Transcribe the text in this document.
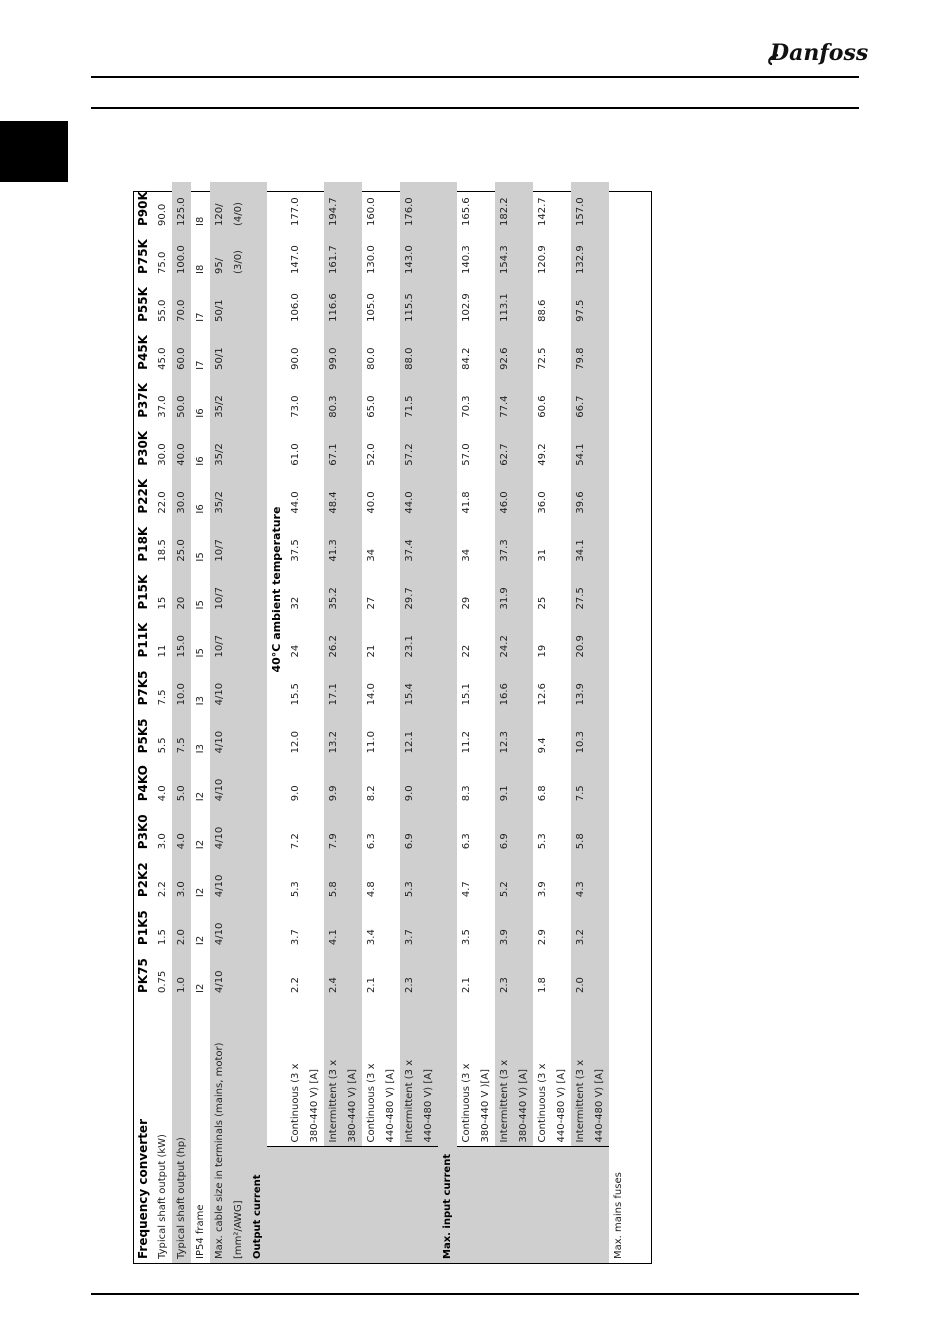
Danfoss
Frequency converter		PK75	P1K5	P2K2	P3K0	P4KO	P5K5	P7K5	P11K	P15K	P18K	P22K	P30K	P37K	P45K	P55K	P75K	P90K
Typical shaft output (kW)		0.75	1.5	2.2	3.0	4.0	5.5	7.5	11	15	18.5	22.0	30.0	37.0	45.0	55.0	75.0	90.0
Typical shaft output (hp)		1.0	2.0	3.0	4.0	5.0	7.5	10.0	15.0	20	25.0	30.0	40.0	50.0	60.0	70.0	100.0	125.0
IP54 frame		I2	I2	I2	I2	I2	I3	I3	I5	I5	I5	I6	I6	I6	I7	I7	I8	I8
Max. cable size in terminals (mains, motor)		4/10	4/10	4/10	4/10	4/10	4/10	4/10	10/7	10/7	10/7	35/2	35/2	35/2	50/1	50/1	95/	120/
[mm²/AWG]																	(3/0)	(4/0)
Output current																		
		40°C ambient temperature																
	Continuous (3 x	2.2	3.7	5.3	7.2	9.0	12.0	15.5	24	32	37.5	44.0	61.0	73.0	90.0	106.0	147.0	177.0
	380-440 V) [A]																	
	Intermittent (3 x	2.4	4.1	5.8	7.9	9.9	13.2	17.1	26.2	35.2	41.3	48.4	67.1	80.3	99.0	116.6	161.7	194.7
	380-440 V) [A]																	
	Continuous (3 x	2.1	3.4	4.8	6.3	8.2	11.0	14.0	21	27	34	40.0	52.0	65.0	80.0	105.0	130.0	160.0
	440-480 V) [A]																	
	Intermittent (3 x	2.3	3.7	5.3	6.9	9.0	12.1	15.4	23.1	29.7	37.4	44.0	57.2	71.5	88.0	115.5	143.0	176.0
	440-480 V) [A]																	
Max. input current																		
	Continuous (3 x	2.1	3.5	4.7	6.3	8.3	11.2	15.1	22	29	34	41.8	57.0	70.3	84.2	102.9	140.3	165.6
	380-440 V )[A]																	
	Intermittent (3 x	2.3	3.9	5.2	6.9	9.1	12.3	16.6	24.2	31.9	37.3	46.0	62.7	77.4	92.6	113.1	154.3	182.2
	380-440 V) [A]																	
	Continuous (3 x	1.8	2.9	3.9	5.3	6.8	9.4	12.6	19	25	31	36.0	49.2	60.6	72.5	88.6	120.9	142.7
	440-480 V) [A]																	
	Intermittent (3 x	2.0	3.2	4.3	5.8	7.5	10.3	13.9	20.9	27.5	34.1	39.6	54.1	66.7	79.8	97.5	132.9	157.0
	440-480 V) [A]																	
Max. mains fuses																		
